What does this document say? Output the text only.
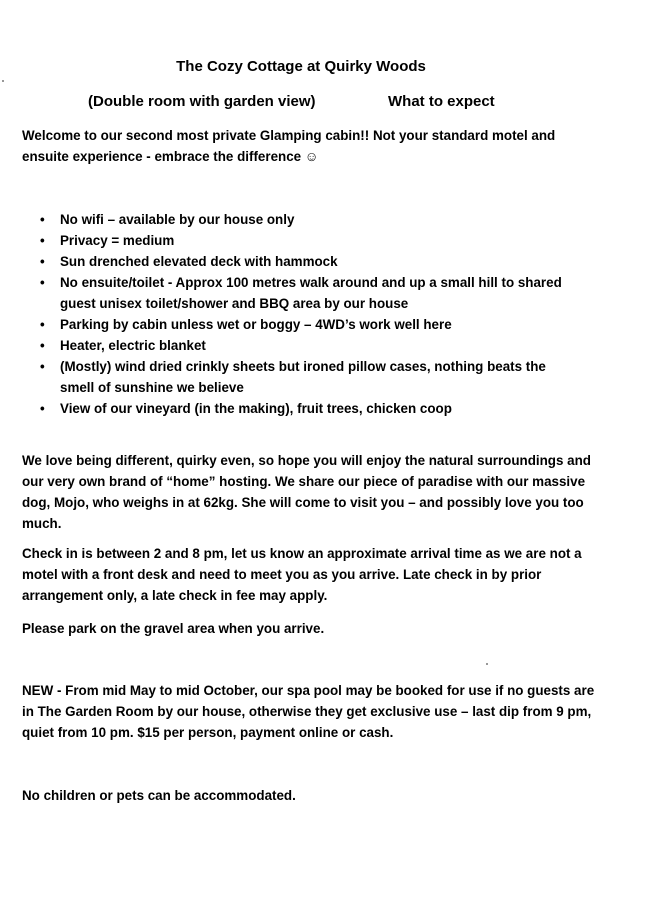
The Cozy Cottage at Quirky Woods
(Double room with garden view)	What to expect
Welcome to our second most private Glamping cabin!! Not your standard motel and ensuite experience - embrace the difference ☺
• No wifi – available by our house only
• Privacy = medium
• Sun drenched elevated deck with hammock
• No ensuite/toilet - Approx 100 metres walk around and up a small hill to shared guest unisex toilet/shower and BBQ area by our house
• Parking by cabin unless wet or boggy – 4WD’s work well here
• Heater, electric blanket
• (Mostly) wind dried crinkly sheets but ironed pillow cases, nothing beats the smell of sunshine we believe
• View of our vineyard (in the making), fruit trees, chicken coop
We love being different, quirky even, so hope you will enjoy the natural surroundings and our very own brand of “home” hosting. We share our piece of paradise with our massive dog, Mojo, who weighs in at 62kg. She will come to visit you – and possibly love you too much.
Check in is between 2 and 8 pm, let us know an approximate arrival time as we are not a motel with a front desk and need to meet you as you arrive. Late check in by prior arrangement only, a late check in fee may apply.
Please park on the gravel area when you arrive.
NEW - From mid May to mid October, our spa pool may be booked for use if no guests are in The Garden Room by our house, otherwise they get exclusive use – last dip from 9 pm, quiet from 10 pm. $15 per person, payment online or cash.
No children or pets can be accommodated.
